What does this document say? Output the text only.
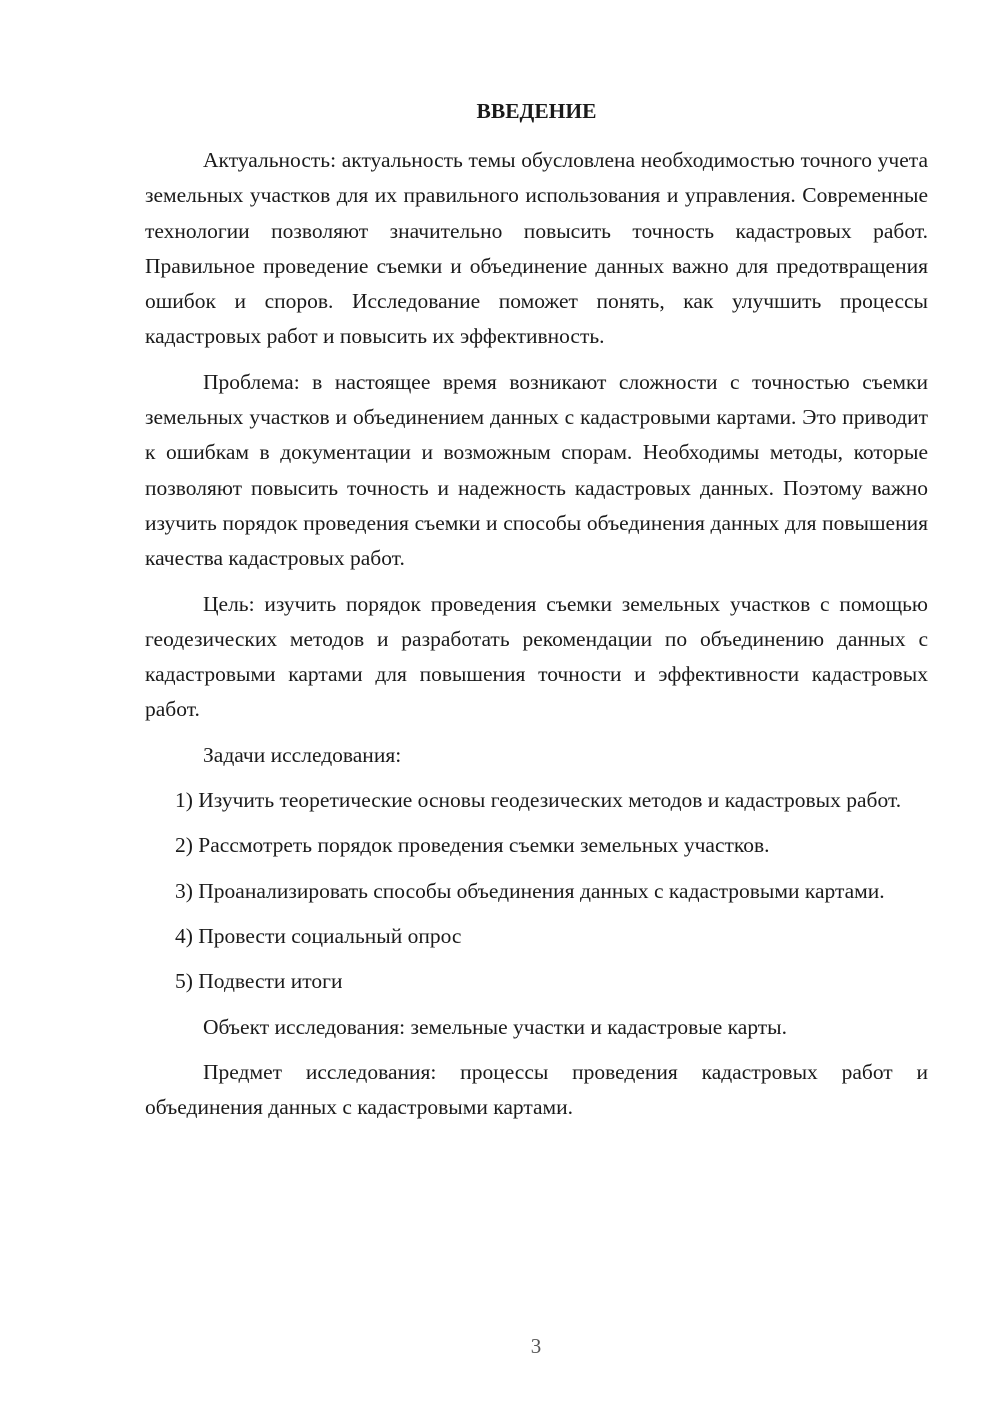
ВВЕДЕНИЕ

Актуальность: актуальность темы обусловлена необходимостью точного учета земельных участков для их правильного использования и управления. Современные технологии позволяют значительно повысить точность кадастровых работ. Правильное проведение съемки и объединение данных важно для предотвращения ошибок и споров. Исследование поможет понять, как улучшить процессы кадастровых работ и повысить их эффективность.

Проблема: в настоящее время возникают сложности с точностью съемки земельных участков и объединением данных с кадастровыми картами. Это приводит к ошибкам в документации и возможным спорам. Необходимы методы, которые позволяют повысить точность и надежность кадастровых данных. Поэтому важно изучить порядок проведения съемки и способы объединения данных для повышения качества кадастровых работ.

Цель: изучить порядок проведения съемки земельных участков с помощью геодезических методов и разработать рекомендации по объединению данных с кадастровыми картами для повышения точности и эффективности кадастровых работ.

Задачи исследования:

1) Изучить теоретические основы геодезических методов и кадастровых работ.

2) Рассмотреть порядок проведения съемки земельных участков.

3) Проанализировать способы объединения данных с кадастровыми картами.

4) Провести социальный опрос

5) Подвести итоги

Объект исследования: земельные участки и кадастровые карты.

Предмет исследования: процессы проведения кадастровых работ и объединения данных с кадастровыми картами.

3
